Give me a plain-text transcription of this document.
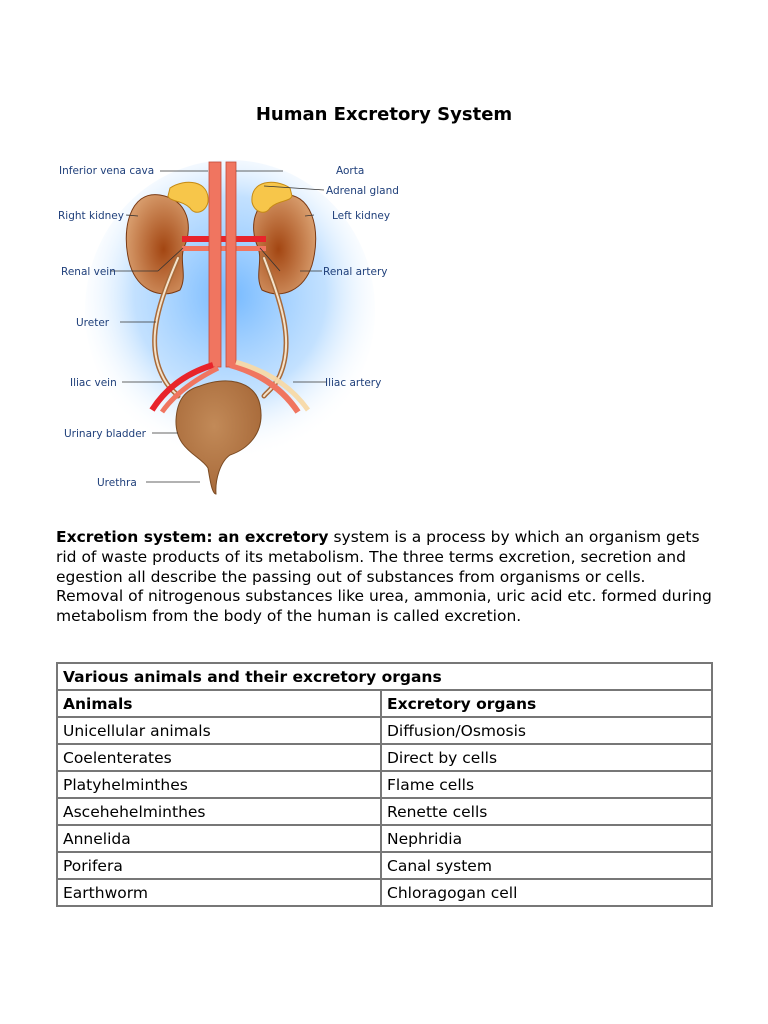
Human Excretory System
Inferior vena cava	Aorta
Adrenal gland
Right kidney	Left kidney
Renal vein	Renal artery
Ureter
Iliac vein	Iliac artery
Urinary bladder
Urethra
Excretion system: an excretory system is a process by which an organism gets rid of waste products of its metabolism. The three terms excretion, secretion and egestion all describe the passing out of substances from organisms or cells. Removal of nitrogenous substances like urea, ammonia, uric acid etc. formed during metabolism from the body of the human is called excretion.
Various animals and their excretory organs	
Animals	Excretory organs
Unicellular animals	Diffusion/Osmosis
Coelenterates	Direct by cells
Platyhelminthes	Flame cells
Ascehehelminthes	Renette cells
Annelida	Nephridia
Porifera	Canal system
Earthworm	Chloragogan cell
